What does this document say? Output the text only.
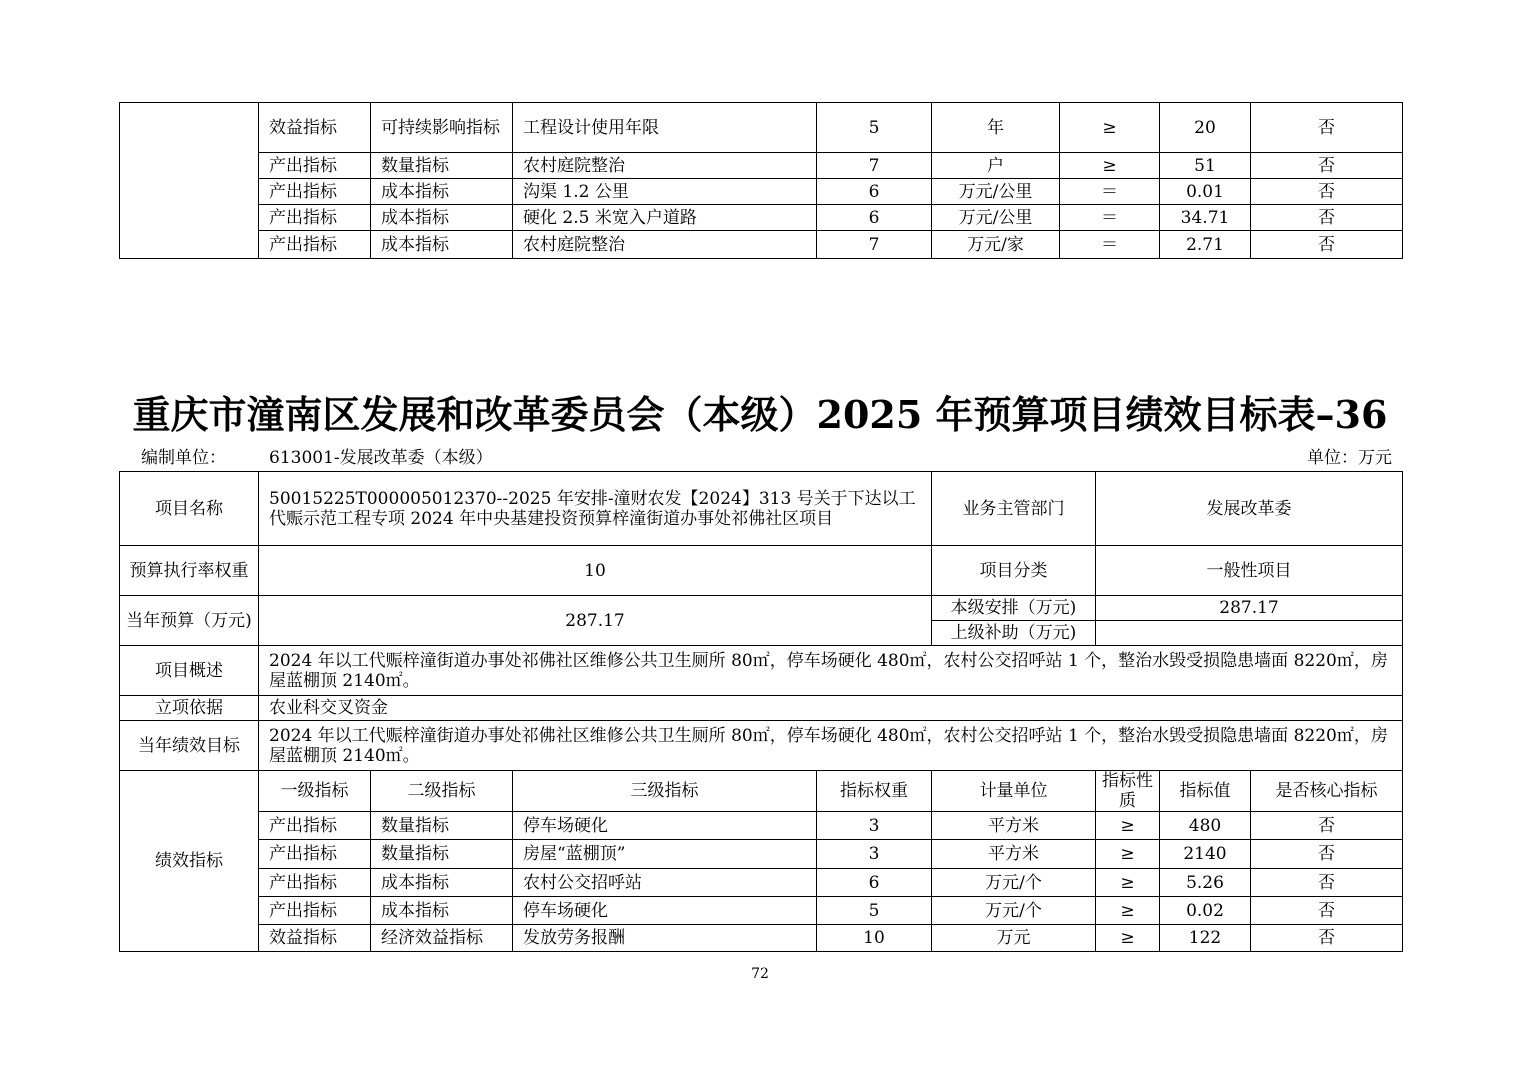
	效益指标	可持续影响指标	工程设计使用年限	5	年	≥	20	否
	产出指标	数量指标	农村庭院整治	7	户	≥	51	否
	产出指标	成本指标	沟渠 1.2 公里	6	万元/公里	＝	0.01	否
	产出指标	成本指标	硬化 2.5 米宽入户道路	6	万元/公里	＝	34.71	否
	产出指标	成本指标	农村庭院整治	7	万元/家	＝	2.71	否
重庆市潼南区发展和改革委员会（本级）2025 年预算项目绩效目标表–36
编制单位：	613001-发展改革委（本级）	单位：万元
项目名称	50015225T000005012370--2025 年安排-潼财农发【2024】313 号关于下达以工代赈示范工程专项 2024 年中央基建投资预算梓潼街道办事处祁佛社区项目				业务主管部门	发展改革委		
预算执行率权重	10				项目分类	一般性项目		
当年预算（万元)	287.17				本级安排（万元)	287.17		
					上级补助（万元)			
项目概述	2024 年以工代赈梓潼街道办事处祁佛社区维修公共卫生厕所 80㎡，停车场硬化 480㎡，农村公交招呼站 1 个，整治水毁受损隐患墙面 8220㎡，房屋蓝棚顶 2140㎡。							
立项依据	农业科交叉资金							
当年绩效目标	2024 年以工代赈梓潼街道办事处祁佛社区维修公共卫生厕所 80㎡，停车场硬化 480㎡，农村公交招呼站 1 个，整治水毁受损隐患墙面 8220㎡，房屋蓝棚顶 2140㎡。							
绩效指标	一级指标	二级指标	三级指标	指标权重	计量单位	指标性质	指标值	是否核心指标
	产出指标	数量指标	停车场硬化	3	平方米	≥	480	否
	产出指标	数量指标	房屋“蓝棚顶”	3	平方米	≥	2140	否
	产出指标	成本指标	农村公交招呼站	6	万元/个	≥	5.26	否
	产出指标	成本指标	停车场硬化	5	万元/个	≥	0.02	否
	效益指标	经济效益指标	发放劳务报酬	10	万元	≥	122	否
72
